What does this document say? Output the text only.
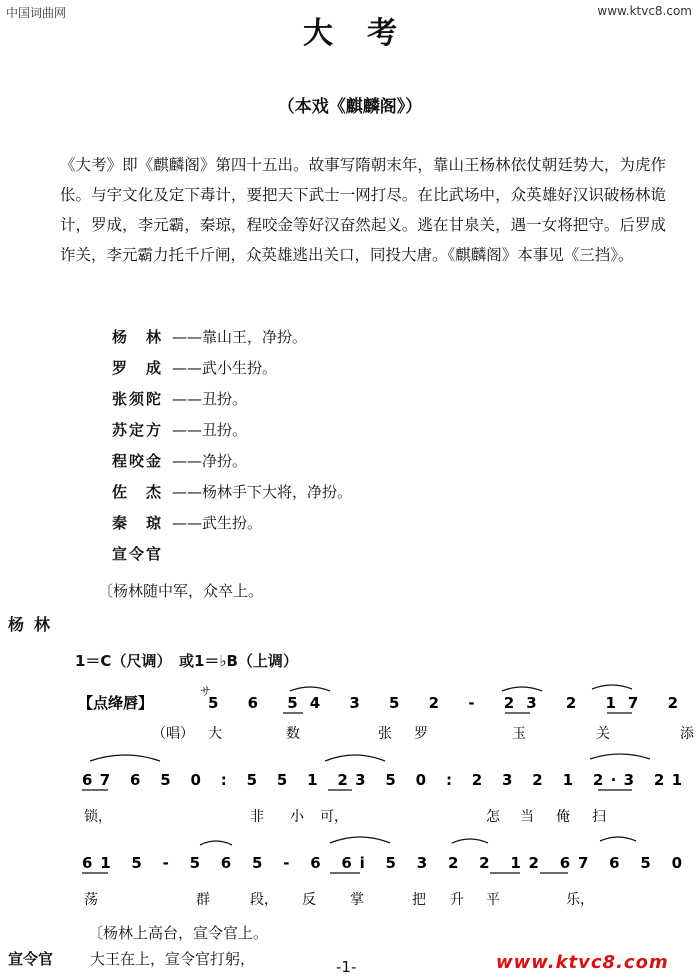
中国词曲网	www.ktvc8.com
大考
（本戏《麒麟阁》）

《大考》即《麒麟阁》第四十五出。故事写隋朝末年，靠山王杨林依仗朝廷势大，为虎作伥。与宇文化及定下毒计，要把天下武士一网打尽。在比武场中，众英雄好汉识破杨林诡计，罗成，李元霸，秦琼，程咬金等好汉奋然起义。逃在甘泉关，遇一女将把守。后罗成诈关，李元霸力托千斤闸，众英雄逃出关口，同投大唐。《麒麟阁》本事见《三挡》。

杨　林 ——靠山王，净扮。
罗　成 ——武小生扮。
张须陀 ——丑扮。
苏定方 ——丑扮。
程咬金 ——净扮。
佐　杰 ——杨林手下大将，净扮。
秦　琼 ——武生扮。
宣令官
〔杨林随中军，众卒上。
杨林
1＝C（尺调）　或1＝♭B（上调）
【点绛唇】
サ
5 6 54 3 5 2 - 23 2 17 2
（唱） 大	数	张 罗	玉	关	添
67 6 5 0 : 5 5 1 23 5 0 : 2 3 2 1 2·3 21
锁，	非 小 可，	怎 当 俺 扫
61 5 - 5 6 5 - 6 6i 5 3 2 2 12 67 6 5 0
荡	群	段， 反 掌	把 升 平	乐，
〔杨林上高台，宣令官上。
宣令官 大王在上，宣令官打躬，	-1-	www.ktvc8.com
